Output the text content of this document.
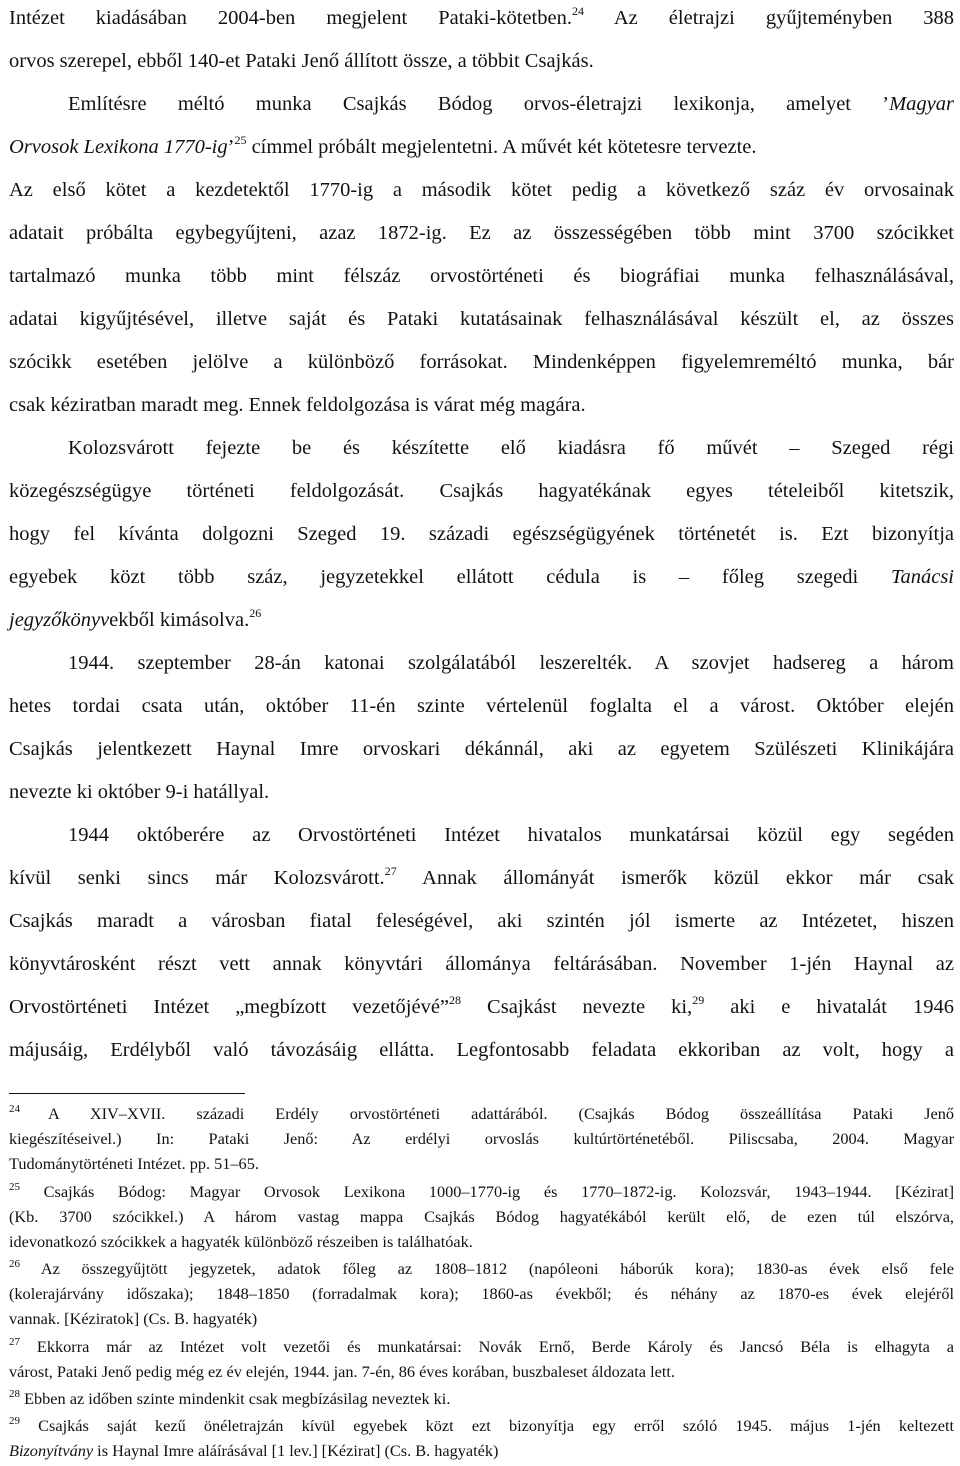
Intézet kiadásában 2004-ben megjelent Pataki-kötetben.$^{24}$ Az életrajzi gyűjteményben 388
orvos szerepel, ebből 140-et Pataki Jenő állított össze, a többit Csajkás.
Említésre méltó munka Csajkás Bódog orvos-életrajzi lexikonja, amelyet ’Magyar
Orvosok Lexikona 1770-ig’$^{25}$ címmel próbált megjelentetni. A művét két kötetesre tervezte.
Az első kötet a kezdetektől 1770-ig a második kötet pedig a következő száz év orvosainak
adatait próbálta egybegyűjteni, azaz 1872-ig. Ez az összességében több mint 3700 szócikket
tartalmazó munka több mint félszáz orvostörténeti és biográfiai munka felhasználásával,
adatai kigyűjtésével, illetve saját és Pataki kutatásainak felhasználásával készült el, az összes
szócikk esetében jelölve a különböző forrásokat. Mindenképpen figyelemreméltó munka, bár
csak kéziratban maradt meg. Ennek feldolgozása is várat még magára.
Kolozsvárott fejezte be és készítette elő kiadásra fő művét – Szeged régi
közegészségügye történeti feldolgozását. Csajkás hagyatékának egyes tételeiből kitetszik,
hogy fel kívánta dolgozni Szeged 19. századi egészségügyének történetét is. Ezt bizonyítja
egyebek közt több száz, jegyzetekkel ellátott cédula is – főleg szegedi Tanácsi
jegyzőkönyvekből kimásolva.$^{26}$
1944. szeptember 28-án katonai szolgálatából leszerelték. A szovjet hadsereg a három
hetes tordai csata után, október 11-én szinte vértelenül foglalta el a várost. Október elején
Csajkás jelentkezett Haynal Imre orvoskari dékánnál, aki az egyetem Szülészeti Klinikájára
nevezte ki október 9-i hatállyal.
1944 októberére az Orvostörténeti Intézet hivatalos munkatársai közül egy segéden
kívül senki sincs már Kolozsvárott.$^{27}$ Annak állományát ismerők közül ekkor már csak
Csajkás maradt a városban fiatal feleségével, aki szintén jól ismerte az Intézetet, hiszen
könyvtárosként részt vett annak könyvtári állománya feltárásában. November 1-jén Haynal az
Orvostörténeti Intézet „megbízott vezetőjévé”$^{28}$ Csajkást nevezte ki,$^{29}$ aki e hivatalát 1946
májusáig, Erdélyből való távozásáig ellátta. Legfontosabb feladata ekkoriban az volt, hogy a
$^{24}$ A XIV–XVII. századi Erdély orvostörténeti adattárából. (Csajkás Bódog összeállítása Pataki Jenő
kiegészítéseivel.) In: Pataki Jenő: Az erdélyi orvoslás kultúrtörténetéből. Piliscsaba, 2004. Magyar
Tudománytörténeti Intézet. pp. 51–65.
$^{25}$ Csajkás Bódog: Magyar Orvosok Lexikona 1000–1770-ig és 1770–1872-ig. Kolozsvár, 1943–1944. [Kézirat]
(Kb. 3700 szócikkel.) A három vastag mappa Csajkás Bódog hagyatékából került elő, de ezen túl elszórva,
idevonatkozó szócikkek a hagyaték különböző részeiben is találhatóak.
$^{26}$ Az összegyűjtött jegyzetek, adatok főleg az 1808–1812 (napóleoni háborúk kora); 1830-as évek első fele
(kolerajárvány időszaka); 1848–1850 (forradalmak kora); 1860-as évekből; és néhány az 1870-es évek elejéről
vannak. [Kéziratok] (Cs. B. hagyaték)
$^{27}$ Ekkorra már az Intézet volt vezetői és munkatársai: Novák Ernő, Berde Károly és Jancsó Béla is elhagyta a
várost, Pataki Jenő pedig még ez év elején, 1944. jan. 7-én, 86 éves korában, buszbaleset áldozata lett.
$^{28}$ Ebben az időben szinte mindenkit csak megbízásilag neveztek ki.
$^{29}$ Csajkás saját kezű önéletrajzán kívül egyebek közt ezt bizonyítja egy erről szóló 1945. május 1-jén keltezett
Bizonyítvány is Haynal Imre aláírásával [1 lev.] [Kézirat] (Cs. B. hagyaték)
